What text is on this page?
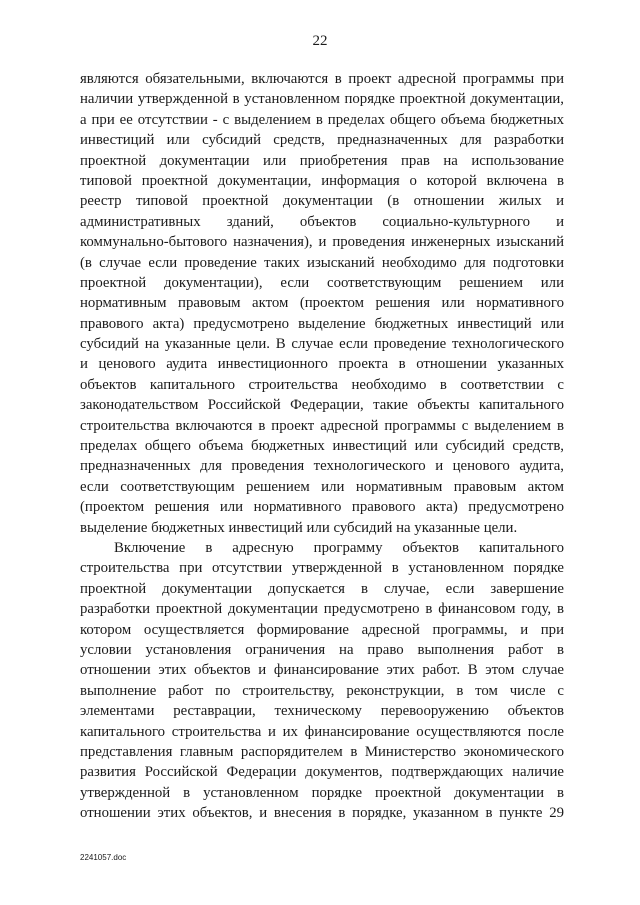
22
являются обязательными, включаются в проект адресной программы при
наличии утвержденной в установленном порядке проектной документации,
а при ее отсутствии - с выделением в пределах общего объема бюджетных
инвестиций или субсидий средств, предназначенных для разработки
проектной документации или приобретения прав на использование
типовой проектной документации, информация о которой включена в
реестр типовой проектной документации (в отношении жилых и
административных зданий, объектов социально-культурного и
коммунально-бытового назначения), и проведения инженерных изысканий
(в случае если проведение таких изысканий необходимо для подготовки
проектной документации), если соответствующим решением или
нормативным правовым актом (проектом решения или нормативного
правового акта) предусмотрено выделение бюджетных инвестиций или
субсидий на указанные цели. В случае если проведение технологического
и ценового аудита инвестиционного проекта в отношении указанных
объектов капитального строительства необходимо в соответствии с
законодательством Российской Федерации, такие объекты капитального
строительства включаются в проект адресной программы с выделением в
пределах общего объема бюджетных инвестиций или субсидий средств,
предназначенных для проведения технологического и ценового аудита,
если соответствующим решением или нормативным правовым актом
(проектом решения или нормативного правового акта) предусмотрено
выделение бюджетных инвестиций или субсидий на указанные цели.
Включение в адресную программу объектов капитального
строительства при отсутствии утвержденной в установленном порядке
проектной документации допускается в случае, если завершение
разработки проектной документации предусмотрено в финансовом году, в
котором осуществляется формирование адресной программы, и при
условии установления ограничения на право выполнения работ в
отношении этих объектов и финансирование этих работ. В этом случае
выполнение работ по строительству, реконструкции, в том числе с
элементами реставрации, техническому перевооружению объектов
капитального строительства и их финансирование осуществляются после
представления главным распорядителем в Министерство экономического
развития Российской Федерации документов, подтверждающих наличие
утвержденной в установленном порядке проектной документации в
отношении этих объектов, и внесения в порядке, указанном в пункте 29
2241057.doc
